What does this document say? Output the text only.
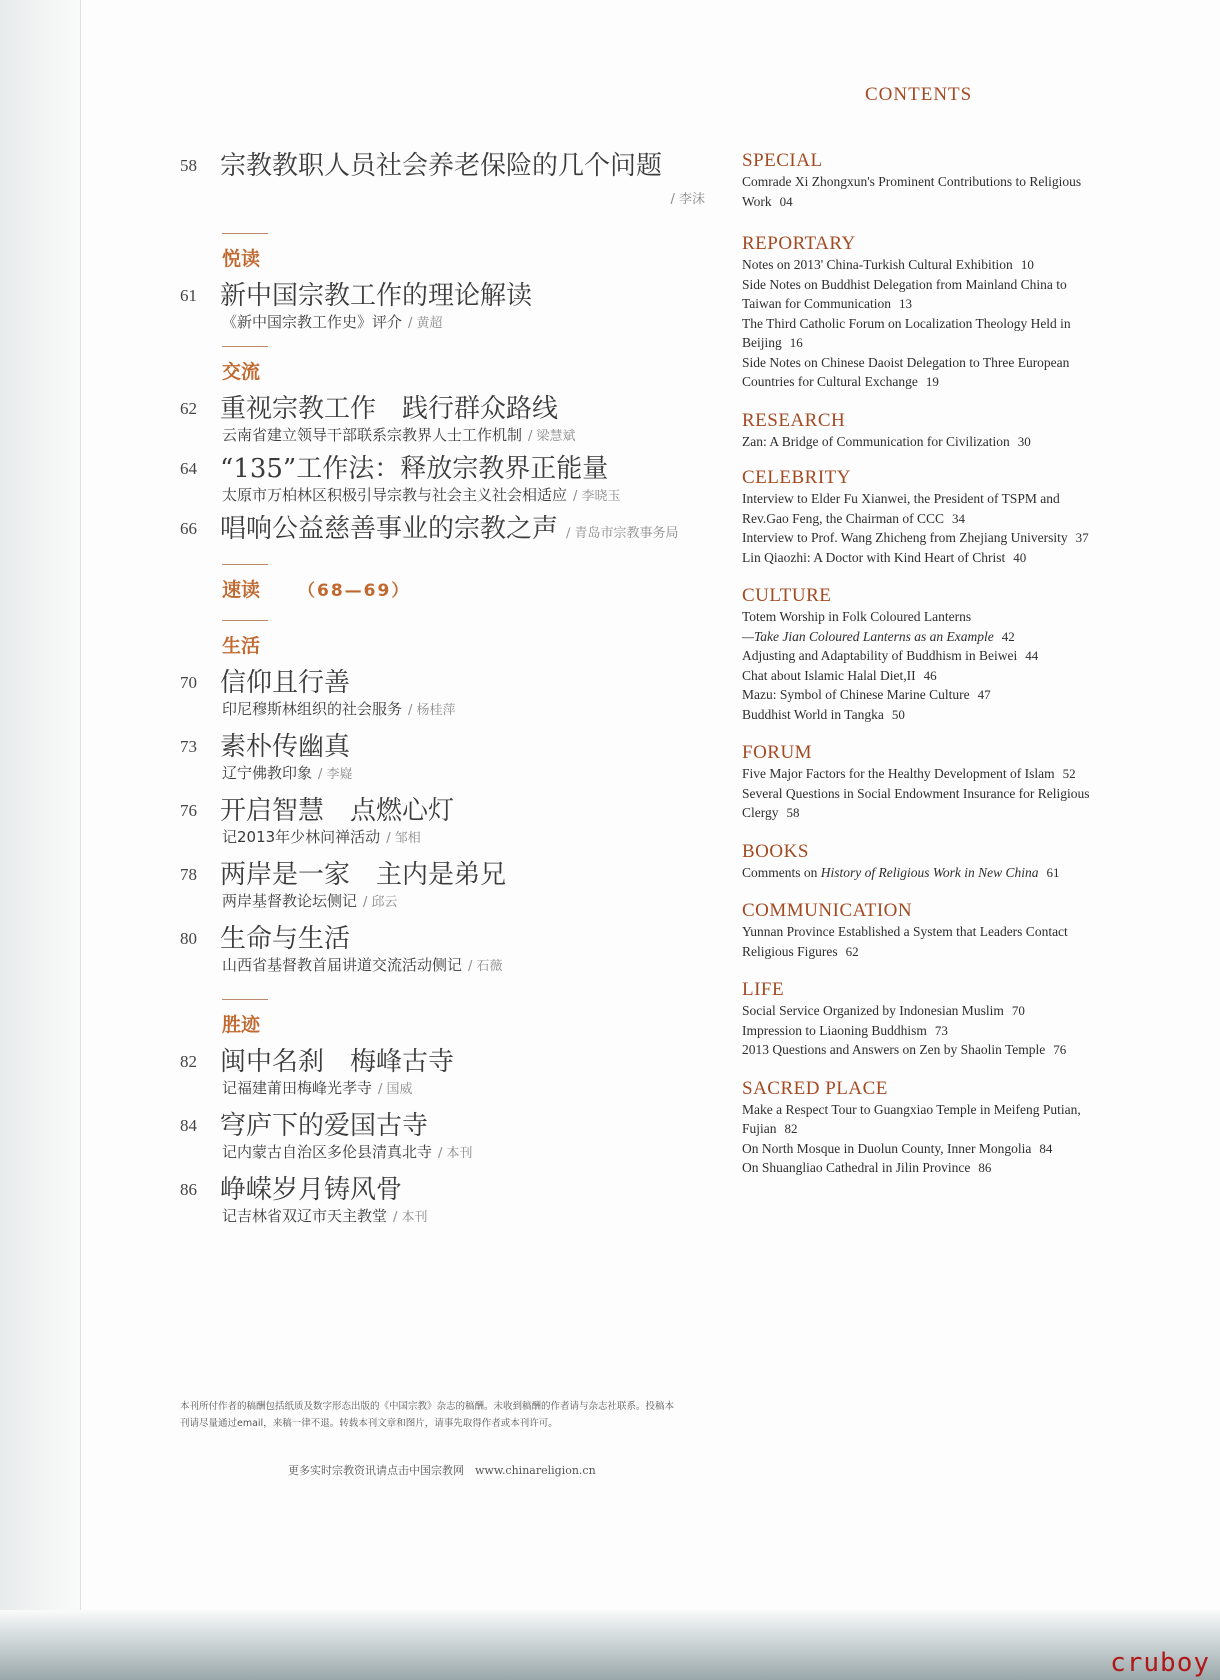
CONTENTS
58 宗教教职人员社会养老保险的几个问题
/ 李沫
悦读
61 新中国宗教工作的理论解读
《新中国宗教工作史》评介 / 黄超
交流
62 重视宗教工作　践行群众路线
云南省建立领导干部联系宗教界人士工作机制 / 梁慧斌
64 “135”工作法：释放宗教界正能量
太原市万柏林区积极引导宗教与社会主义社会相适应 / 李晓玉
66 唱响公益慈善事业的宗教之声 / 青岛市宗教事务局
速读 （68—69）
生活
70 信仰且行善
印尼穆斯林组织的社会服务 / 杨桂萍
73 素朴传幽真
辽宁佛教印象 / 李嶷
76 开启智慧　点燃心灯
记2013年少林问禅活动 / 邹相
78 两岸是一家　主内是弟兄
两岸基督教论坛侧记 / 邱云
80 生命与生活
山西省基督教首届讲道交流活动侧记 / 石薇
胜迹
82 闽中名刹　梅峰古寺
记福建莆田梅峰光孝寺 / 国威
84 穹庐下的爱国古寺
记内蒙古自治区多伦县清真北寺 / 本刊
86 峥嵘岁月铸风骨
记吉林省双辽市天主教堂 / 本刊
SPECIAL
Comrade Xi Zhongxun's Prominent Contributions to Religious Work 04
REPORTARY
Notes on 2013' China-Turkish Cultural Exhibition 10
Side Notes on Buddhist Delegation from Mainland China to Taiwan for Communication 13
The Third Catholic Forum on Localization Theology Held in Beijing 16
Side Notes on Chinese Daoist Delegation to Three European Countries for Cultural Exchange 19
RESEARCH
Zan: A Bridge of Communication for Civilization 30
CELEBRITY
Interview to Elder Fu Xianwei, the President of TSPM and Rev.Gao Feng, the Chairman of CCC 34
Interview to Prof. Wang Zhicheng from Zhejiang University 37
Lin Qiaozhi: A Doctor with Kind Heart of Christ 40
CULTURE
Totem Worship in Folk Coloured Lanterns
—Take Jian Coloured Lanterns as an Example 42
Adjusting and Adaptability of Buddhism in Beiwei 44
Chat about Islamic Halal Diet,II 46
Mazu: Symbol of Chinese Marine Culture 47
Buddhist World in Tangka 50
FORUM
Five Major Factors for the Healthy Development of Islam 52
Several Questions in Social Endowment Insurance for Religious Clergy 58
BOOKS
Comments on History of Religious Work in New China 61
COMMUNICATION
Yunnan Province Established a System that Leaders Contact Religious Figures 62
LIFE
Social Service Organized by Indonesian Muslim 70
Impression to Liaoning Buddhism 73
2013 Questions and Answers on Zen by Shaolin Temple 76
SACRED PLACE
Make a Respect Tour to Guangxiao Temple in Meifeng Putian, Fujian 82
On North Mosque in Duolun County, Inner Mongolia 84
On Shuangliao Cathedral in Jilin Province 86
本刊所付作者的稿酬包括纸质及数字形态出版的《中国宗教》杂志的稿酬。未收到稿酬的作者请与杂志社联系。投稿本刊请尽量通过email，来稿一律不退。转载本刊文章和图片，请事先取得作者或本刊许可。
更多实时宗教资讯请点击中国宗教网　www.chinareligion.cn
cruboy
